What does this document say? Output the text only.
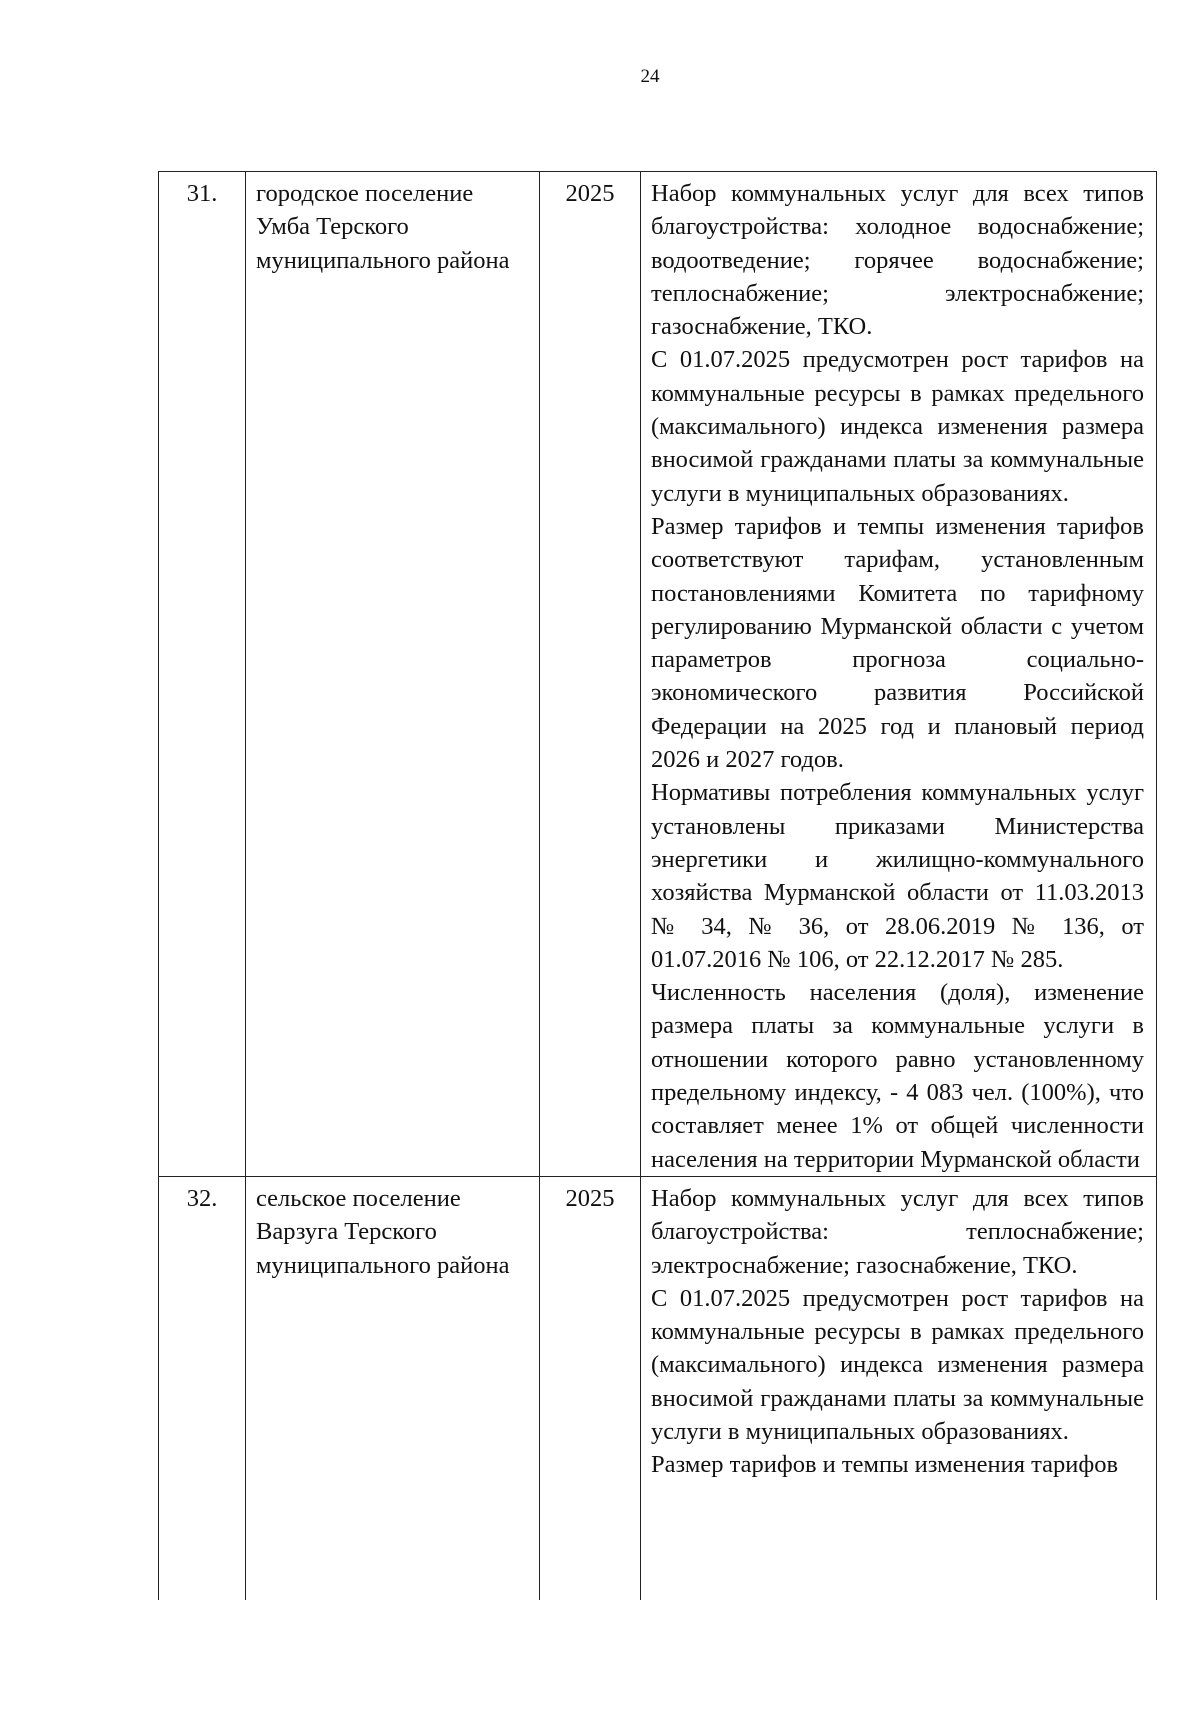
24
31.	городское поселение Умба Терского муниципального района	2025	Набор коммунальных услуг для всех типов благоустройства: холодное водоснабжение; водоотведение; горячее водоснабжение; теплоснабжение; электроснабжение; газоснабжение, ТКО.
С 01.07.2025 предусмотрен рост тарифов на коммунальные ресурсы в рамках предельного (максимального) индекса изменения размера вносимой гражданами платы за коммунальные услуги в муниципальных образованиях.
Размер тарифов и темпы изменения тарифов соответствуют тарифам, установленным постановлениями Комитета по тарифному регулированию Мурманской области с учетом параметров прогноза социально-экономического развития Российской Федерации на 2025 год и плановый период 2026 и 2027 годов.
Нормативы потребления коммунальных услуг установлены приказами Министерства энергетики и жилищно-коммунального хозяйства Мурманской области от 11.03.2013 № 34, № 36, от 28.06.2019 № 136, от 01.07.2016 № 106, от 22.12.2017 № 285.
Численность населения (доля), изменение размера платы за коммунальные услуги в отношении которого равно установленному предельному индексу, - 4 083 чел. (100%), что составляет менее 1% от общей численности населения на территории Мурманской области

32.	сельское поселение Варзуга Терского муниципального района	2025	Набор коммунальных услуг для всех типов благоустройства: теплоснабжение; электроснабжение; газоснабжение, ТКО.
С 01.07.2025 предусмотрен рост тарифов на коммунальные ресурсы в рамках предельного (максимального) индекса изменения размера вносимой гражданами платы за коммунальные услуги в муниципальных образованиях.
Размер тарифов и темпы изменения тарифов
